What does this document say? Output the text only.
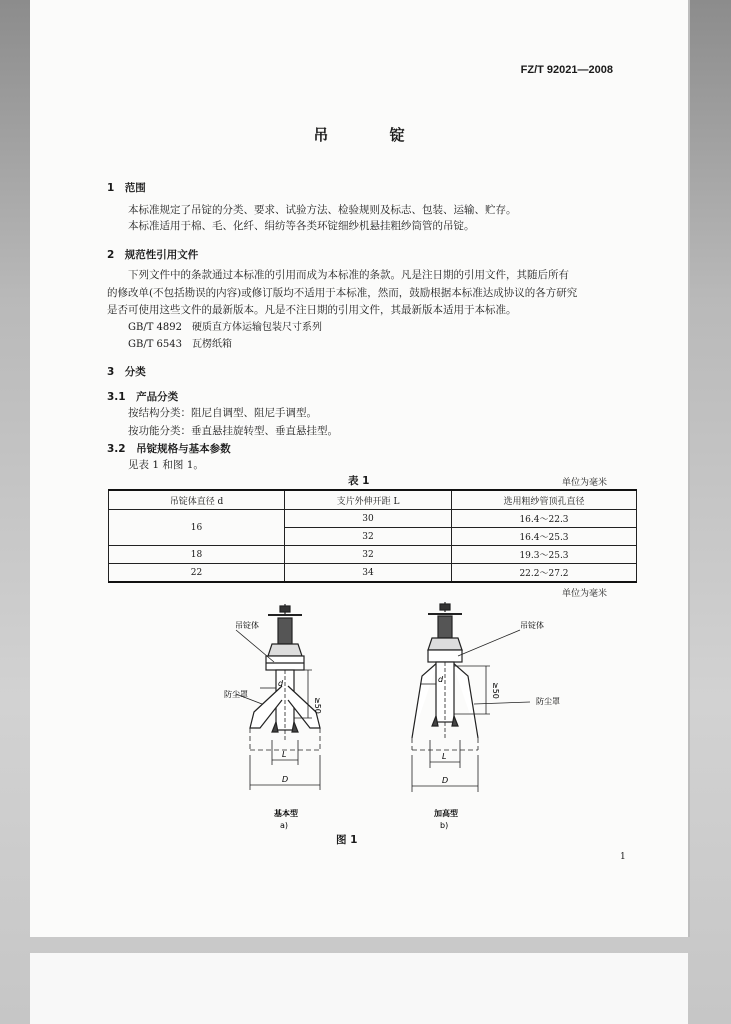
FZ/T 92021—2008
吊 锭
1　范围
本标准规定了吊锭的分类、要求、试验方法、检验规则及标志、包装、运输、贮存。
本标准适用于棉、毛、化纤、绢纺等各类环锭细纱机悬挂粗纱筒管的吊锭。
2　规范性引用文件
下列文件中的条款通过本标准的引用而成为本标准的条款。凡是注日期的引用文件，其随后所有
的修改单(不包括勘误的内容)或修订版均不适用于本标准，然而，鼓励根据本标准达成协议的各方研究
是否可使用这些文件的最新版本。凡是不注日期的引用文件，其最新版本适用于本标准。
GB/T 4892　硬质直方体运输包装尺寸系列
GB/T 6543　瓦楞纸箱
3　分类
3.1　产品分类
按结构分类：阻尼自调型、阻尼手调型。
按功能分类：垂直悬挂旋转型、垂直悬挂型。
3.2　吊锭规格与基本参数
见表 1 和图 1。
表 1	单位为毫米
吊锭体直径 d	支片外伸开距 L	选用粗纱管顶孔直径
16	30	16.4～22.3
	32	16.4～25.3
18	32	19.3～25.3
22	34	22.2～27.2
单位为毫米
吊锭体
防尘罩
d
≥50
L
D
基本型
a)
吊锭体
防尘罩
d
≥50
L
D
加高型
b)
图 1
1
